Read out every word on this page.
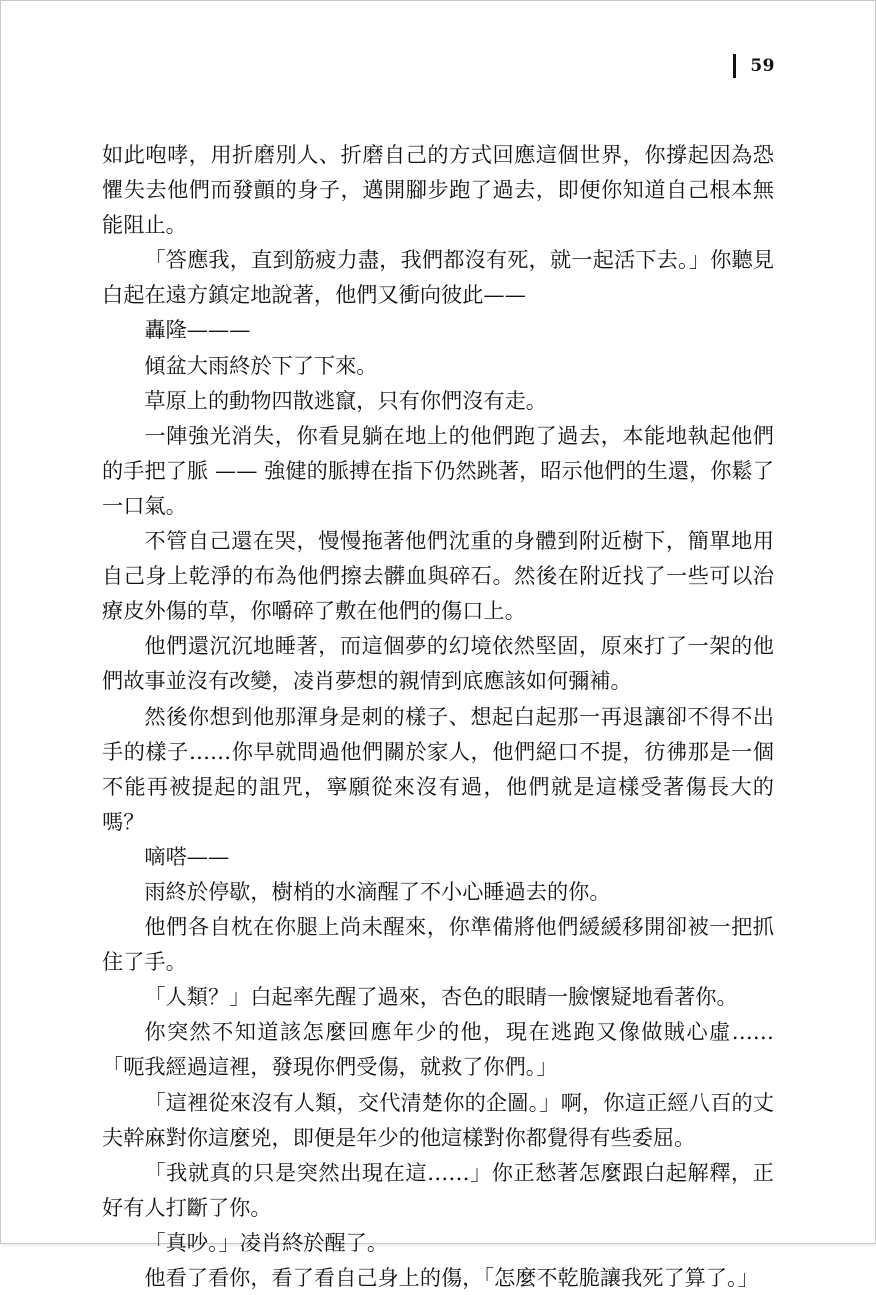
59

如此咆哮，用折磨別人、折磨自己的方式回應這個世界，你撐起因為恐懼失去他們而發顫的身子，邁開腳步跑了過去，即便你知道自己根本無能阻止。

「答應我，直到筋疲力盡，我們都沒有死，就一起活下去。」你聽見白起在遠方鎮定地說著，他們又衝向彼此——

轟隆———

傾盆大雨終於下了下來。

草原上的動物四散逃竄，只有你們沒有走。

一陣強光消失，你看見躺在地上的他們跑了過去，本能地執起他們的手把了脈 —— 強健的脈搏在指下仍然跳著，昭示他們的生還，你鬆了一口氣。

不管自己還在哭，慢慢拖著他們沈重的身體到附近樹下，簡單地用自己身上乾淨的布為他們擦去髒血與碎石。然後在附近找了一些可以治療皮外傷的草，你嚼碎了敷在他們的傷口上。

他們還沉沉地睡著，而這個夢的幻境依然堅固，原來打了一架的他們故事並沒有改變，凌肖夢想的親情到底應該如何彌補。

然後你想到他那渾身是刺的樣子、想起白起那一再退讓卻不得不出手的樣子……你早就問過他們關於家人，他們絕口不提，彷彿那是一個不能再被提起的詛咒，寧願從來沒有過，他們就是這樣受著傷長大的嗎？

嘀嗒——

雨終於停歇，樹梢的水滴醒了不小心睡過去的你。

他們各自枕在你腿上尚未醒來，你準備將他們緩緩移開卻被一把抓住了手。

「人類？」白起率先醒了過來，杏色的眼睛一臉懷疑地看著你。

你突然不知道該怎麼回應年少的他，現在逃跑又像做賊心虛……「呃我經過這裡，發現你們受傷，就救了你們。」

「這裡從來沒有人類，交代清楚你的企圖。」啊，你這正經八百的丈夫幹麻對你這麼兇，即便是年少的他這樣對你都覺得有些委屈。

「我就真的只是突然出現在這……」你正愁著怎麼跟白起解釋，正好有人打斷了你。

「真吵。」凌肖終於醒了。

他看了看你，看了看自己身上的傷，「怎麼不乾脆讓我死了算了。」
